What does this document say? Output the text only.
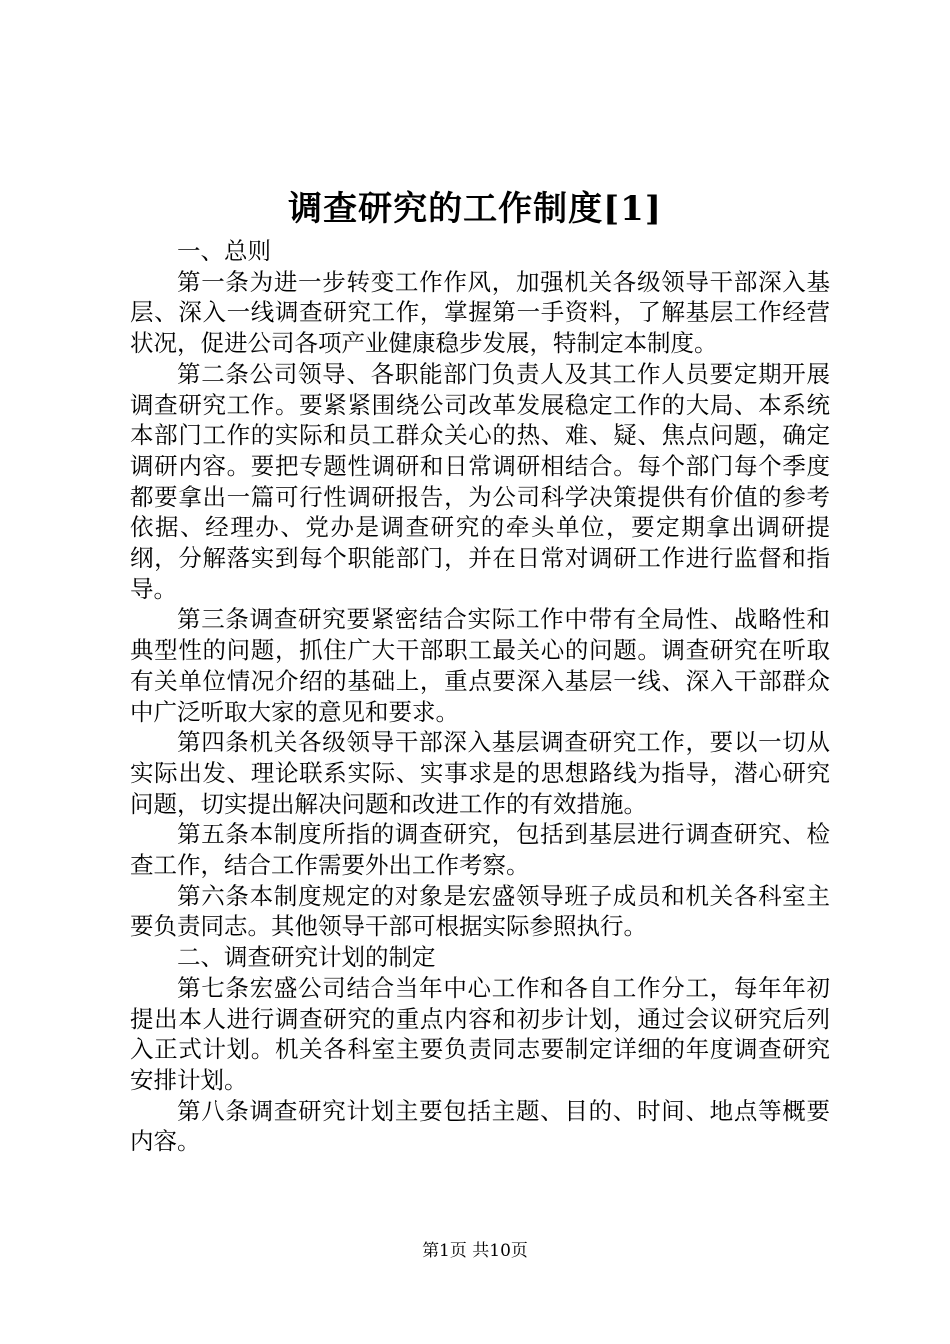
调查研究的工作制度[1]

一、总则

第一条为进一步转变工作作风，加强机关各级领导干部深入基层、深入一线调查研究工作，掌握第一手资料，了解基层工作经营状况，促进公司各项产业健康稳步发展，特制定本制度。

第二条公司领导、各职能部门负责人及其工作人员要定期开展调查研究工作。要紧紧围绕公司改革发展稳定工作的大局、本系统本部门工作的实际和员工群众关心的热、难、疑、焦点问题，确定调研内容。要把专题性调研和日常调研相结合。每个部门每个季度都要拿出一篇可行性调研报告，为公司科学决策提供有价值的参考依据、经理办、党办是调查研究的牵头单位，要定期拿出调研提纲，分解落实到每个职能部门，并在日常对调研工作进行监督和指导。

第三条调查研究要紧密结合实际工作中带有全局性、战略性和典型性的问题，抓住广大干部职工最关心的问题。调查研究在听取有关单位情况介绍的基础上，重点要深入基层一线、深入干部群众中广泛听取大家的意见和要求。

第四条机关各级领导干部深入基层调查研究工作，要以一切从实际出发、理论联系实际、实事求是的思想路线为指导，潜心研究问题，切实提出解决问题和改进工作的有效措施。

第五条本制度所指的调查研究，包括到基层进行调查研究、检查工作，结合工作需要外出工作考察。

第六条本制度规定的对象是宏盛领导班子成员和机关各科室主要负责同志。其他领导干部可根据实际参照执行。

二、调查研究计划的制定

第七条宏盛公司结合当年中心工作和各自工作分工，每年年初提出本人进行调查研究的重点内容和初步计划，通过会议研究后列入正式计划。机关各科室主要负责同志要制定详细的年度调查研究安排计划。

第八条调查研究计划主要包括主题、目的、时间、地点等概要内容。

第1页 共10页
